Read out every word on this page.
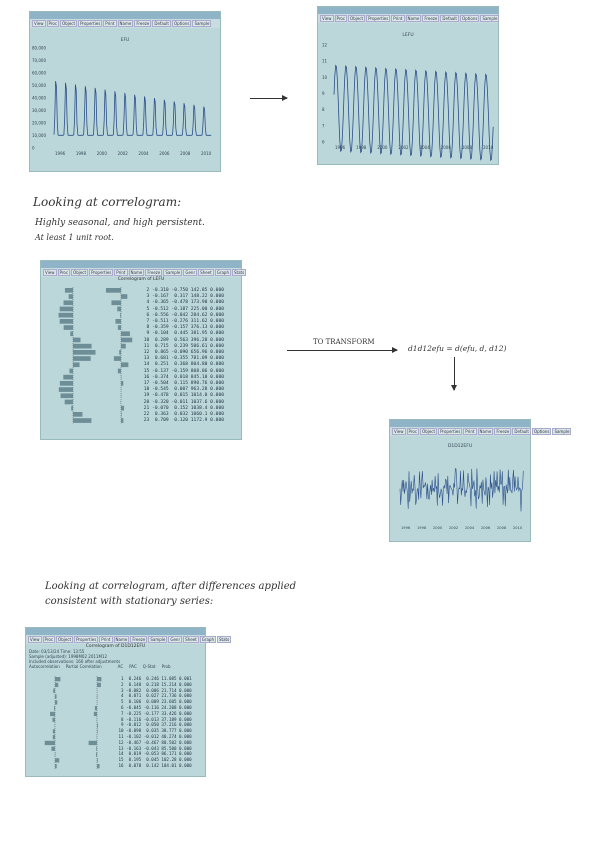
View	Proc	Object	Properties	Print	Name	Freeze	Default	Options	Sample
EFU
80,000
70,000
60,000
50,000
40,000
30,000
20,000
10,000
0
1996	1998	2000	2002	2004	2006	2008	2010
View	Proc	Object	Properties	Print	Name	Freeze	Default	Options	Sample
LEFU
12
11
10
9
8
7
6
1996	1998	2000	2002	2004	2006	2008	2010
Looking at correlogram:
Highly seasonal, and high persistent.
At least 1 unit root.
View	Proc	Object	Properties	Print	Name	Freeze	Sample	Genr	Sheet	Graph	Stats
Correlogram of LEFU
2 -0.310 -0.750 142.85 0.000
3 -0.167  0.317 148.22 0.000
4 -0.365 -0.478 173.90 0.000
5 -0.512 -0.187 225.00 0.000
6 -0.556 -0.042 284.62 0.000
7 -0.511 -0.276 311.62 0.000
8 -0.359 -0.157 376.13 0.000
9 -0.104  0.445 381.95 0.000
10  0.289  0.563 396.28 0.000
11  0.715  0.239 506.61 0.000
12  0.865 -0.090 656.96 0.000
13  0.681 -0.355 781.09 0.000
14  0.251  0.368 804.80 0.000
15 -0.137 -0.159 808.06 0.000
16 -0.374  0.018 845.10 0.000
17 -0.504  0.115 890.76 0.000
18 -0.545  0.007 963.28 0.000
19 -0.478  0.015 1014.0 0.000
20 -0.320 -0.011 1037.6 0.000
21 -0.070  0.152 1038.4 0.000
22  0.363  0.032 1060.1 0.000
23  0.709  0.120 1172.9 0.000
TO TRANSFORM
d1d12efu = d(efu, d, d12)
View	Proc	Object	Properties	Print	Name	Freeze	Default	Options	Sample
D1D12EFU
1996 1998 2000 2002 2004 2006 2008 2010
Looking at correlogram, after differences applied
consistent with stationary series:
View	Proc	Object	Properties	Print	Name	Freeze	Sample	Genr	Sheet	Graph	Stats
Correlogram of D1D12EFU
Date: 03/13/24 Time: 13:55
Sample (adjusted): 1998M02 2011M12
Included observations: 166 after adjustments
Autocorrelation Partial Correlation	AC PAC Q-Stat Prob
1  0.246  0.246 11.085 0.001
2  0.148  0.218 15.214 0.000
3 -0.082  0.006 21.714 0.000
4  0.071  0.027 21.736 0.000
5  0.106  0.009 23.605 0.000
6 -0.045 -0.116 24.208 0.000
7 -0.225 -0.177 33.426 0.000
8 -0.116 -0.013 37.189 0.000
9 -0.012  0.050 37.216 0.000
10 -0.098  0.035 38.777 0.000
11 -0.102 -0.012 40.274 0.000
12 -0.467 -0.467 80.502 0.000
13 -0.163 -0.043 85.500 0.000
14  0.019 -0.053 86.171 0.000
15  0.195  0.045 102.28 0.000
16  0.078  0.142 104.01 0.000
